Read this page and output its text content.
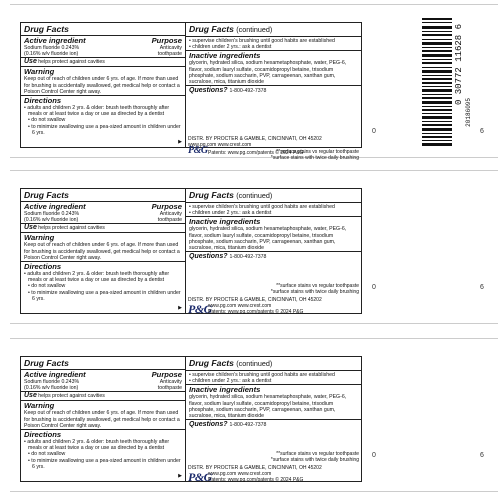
Drug Facts
Active ingredient	Purpose
Sodium fluoride 0.243%
(0.16% w/v fluoride ion)
Anticavity
toothpaste
Use helps protect against cavities
Warning
Keep out of reach of children under 6 yrs. of age. If more than used for brushing is accidentally swallowed, get medical help or contact a Poison Control Center right away.
Directions
• adults and children 2 yrs. & older: brush teeth thoroughly after meals or at least twice a day or use as directed by a dentist
• do not swallow
• to minimize swallowing use a pea-sized amount in children under 6 yrs.
▶
Drug Facts (continued)
• supervise children's brushing until good habits are established
• children under 2 yrs.: ask a dentist
Inactive ingredients
glycerin, hydrated silica, sodium hexametaphosphate, water, PEG-6, flavor, sodium lauryl sulfate, cocamidopropyl betaine, trisodium phosphate, sodium saccharin, PVP, carrageenan, xanthan gum, sucralose, mica, titanium dioxide
Questions? 1-800-492-7378
**surface stains vs regular toothpaste
*surface stains with twice daily brushing
0 30772 11628 6
20186095
0	6
Drug Facts
Active ingredient	Purpose
Sodium fluoride 0.243%
(0.16% w/v fluoride ion)
Anticavity
toothpaste
Use helps protect against cavities
Warning
Keep out of reach of children under 6 yrs. of age. If more than used for brushing is accidentally swallowed, get medical help or contact a Poison Control Center right away.
Directions
• adults and children 2 yrs. & older: brush teeth thoroughly after meals or at least twice a day or use as directed by a dentist
• do not swallow
• to minimize swallowing use a pea-sized amount in children under 6 yrs.
▶
Drug Facts (continued)
• supervise children's brushing until good habits are established
• children under 2 yrs.: ask a dentist
Inactive ingredients
glycerin, hydrated silica, sodium hexametaphosphate, water, PEG-6, flavor, sodium lauryl sulfate, cocamidopropyl betaine, trisodium phosphate, sodium saccharin, PVP, carrageenan, xanthan gum, sucralose, mica, titanium dioxide
Questions? 1-800-492-7378
**surface stains vs regular toothpaste
*surface stains with twice daily brushing
DISTR. BY PROCTER & GAMBLE, CINCINNATI, OH 45202
P&G
www.pg.com www.crest.com
Patents: www.pg.com/patents © 2024 P&G
0	6
Drug Facts
Active ingredient	Purpose
Sodium fluoride 0.243%
(0.16% w/v fluoride ion)
Anticavity
toothpaste
Use helps protect against cavities
Warning
Keep out of reach of children under 6 yrs. of age. If more than used for brushing is accidentally swallowed, get medical help or contact a Poison Control Center right away.
Directions
• adults and children 2 yrs. & older: brush teeth thoroughly after meals or at least twice a day or use as directed by a dentist
• do not swallow
• to minimize swallowing use a pea-sized amount in children under 6 yrs.
▶
Drug Facts (continued)
• supervise children's brushing until good habits are established
• children under 2 yrs.: ask a dentist
Inactive ingredients
glycerin, hydrated silica, sodium hexametaphosphate, water, PEG-6, flavor, sodium lauryl sulfate, cocamidopropyl betaine, trisodium phosphate, sodium saccharin, PVP, carrageenan, xanthan gum, sucralose, mica, titanium dioxide
Questions? 1-800-492-7378
**surface stains vs regular toothpaste
*surface stains with twice daily brushing
DISTR. BY PROCTER & GAMBLE, CINCINNATI, OH 45202
P&G
www.pg.com www.crest.com
Patents: www.pg.com/patents © 2024 P&G
0	6
DISTR. BY PROCTER & GAMBLE, CINCINNATI, OH 45202
www.pg.com www.crest.com
P&G Patents: www.pg.com/patents © 2024 P&G
